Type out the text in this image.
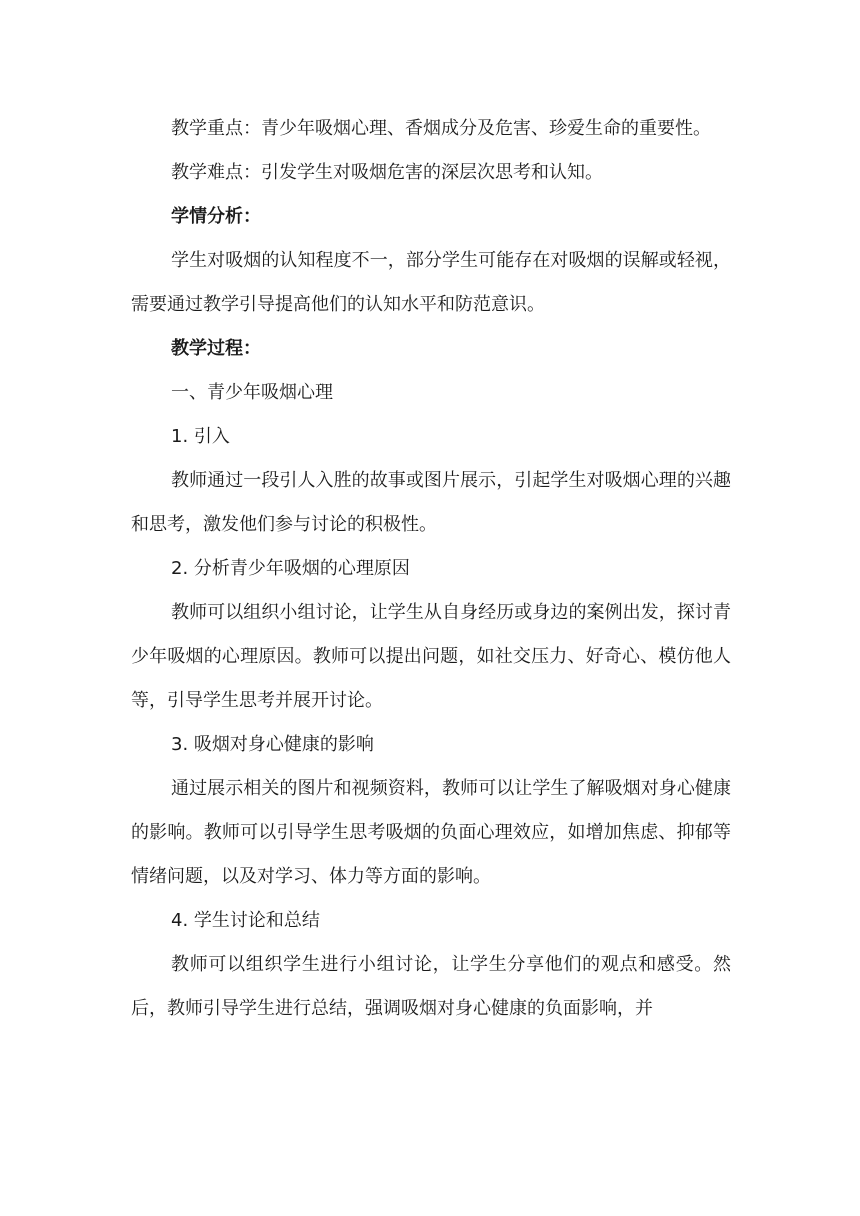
教学重点：青少年吸烟心理、香烟成分及危害、珍爱生命的重要性。

教学难点：引发学生对吸烟危害的深层次思考和认知。

学情分析：

学生对吸烟的认知程度不一，部分学生可能存在对吸烟的误解或轻视，需要通过教学引导提高他们的认知水平和防范意识。

教学过程：

一、青少年吸烟心理

1. 引入

教师通过一段引人入胜的故事或图片展示，引起学生对吸烟心理的兴趣和思考，激发他们参与讨论的积极性。

2. 分析青少年吸烟的心理原因

教师可以组织小组讨论，让学生从自身经历或身边的案例出发，探讨青少年吸烟的心理原因。教师可以提出问题，如社交压力、好奇心、模仿他人等，引导学生思考并展开讨论。

3. 吸烟对身心健康的影响

通过展示相关的图片和视频资料，教师可以让学生了解吸烟对身心健康的影响。教师可以引导学生思考吸烟的负面心理效应，如增加焦虑、抑郁等情绪问题，以及对学习、体力等方面的影响。

4. 学生讨论和总结

教师可以组织学生进行小组讨论，让学生分享他们的观点和感受。然后，教师引导学生进行总结，强调吸烟对身心健康的负面影响，并
